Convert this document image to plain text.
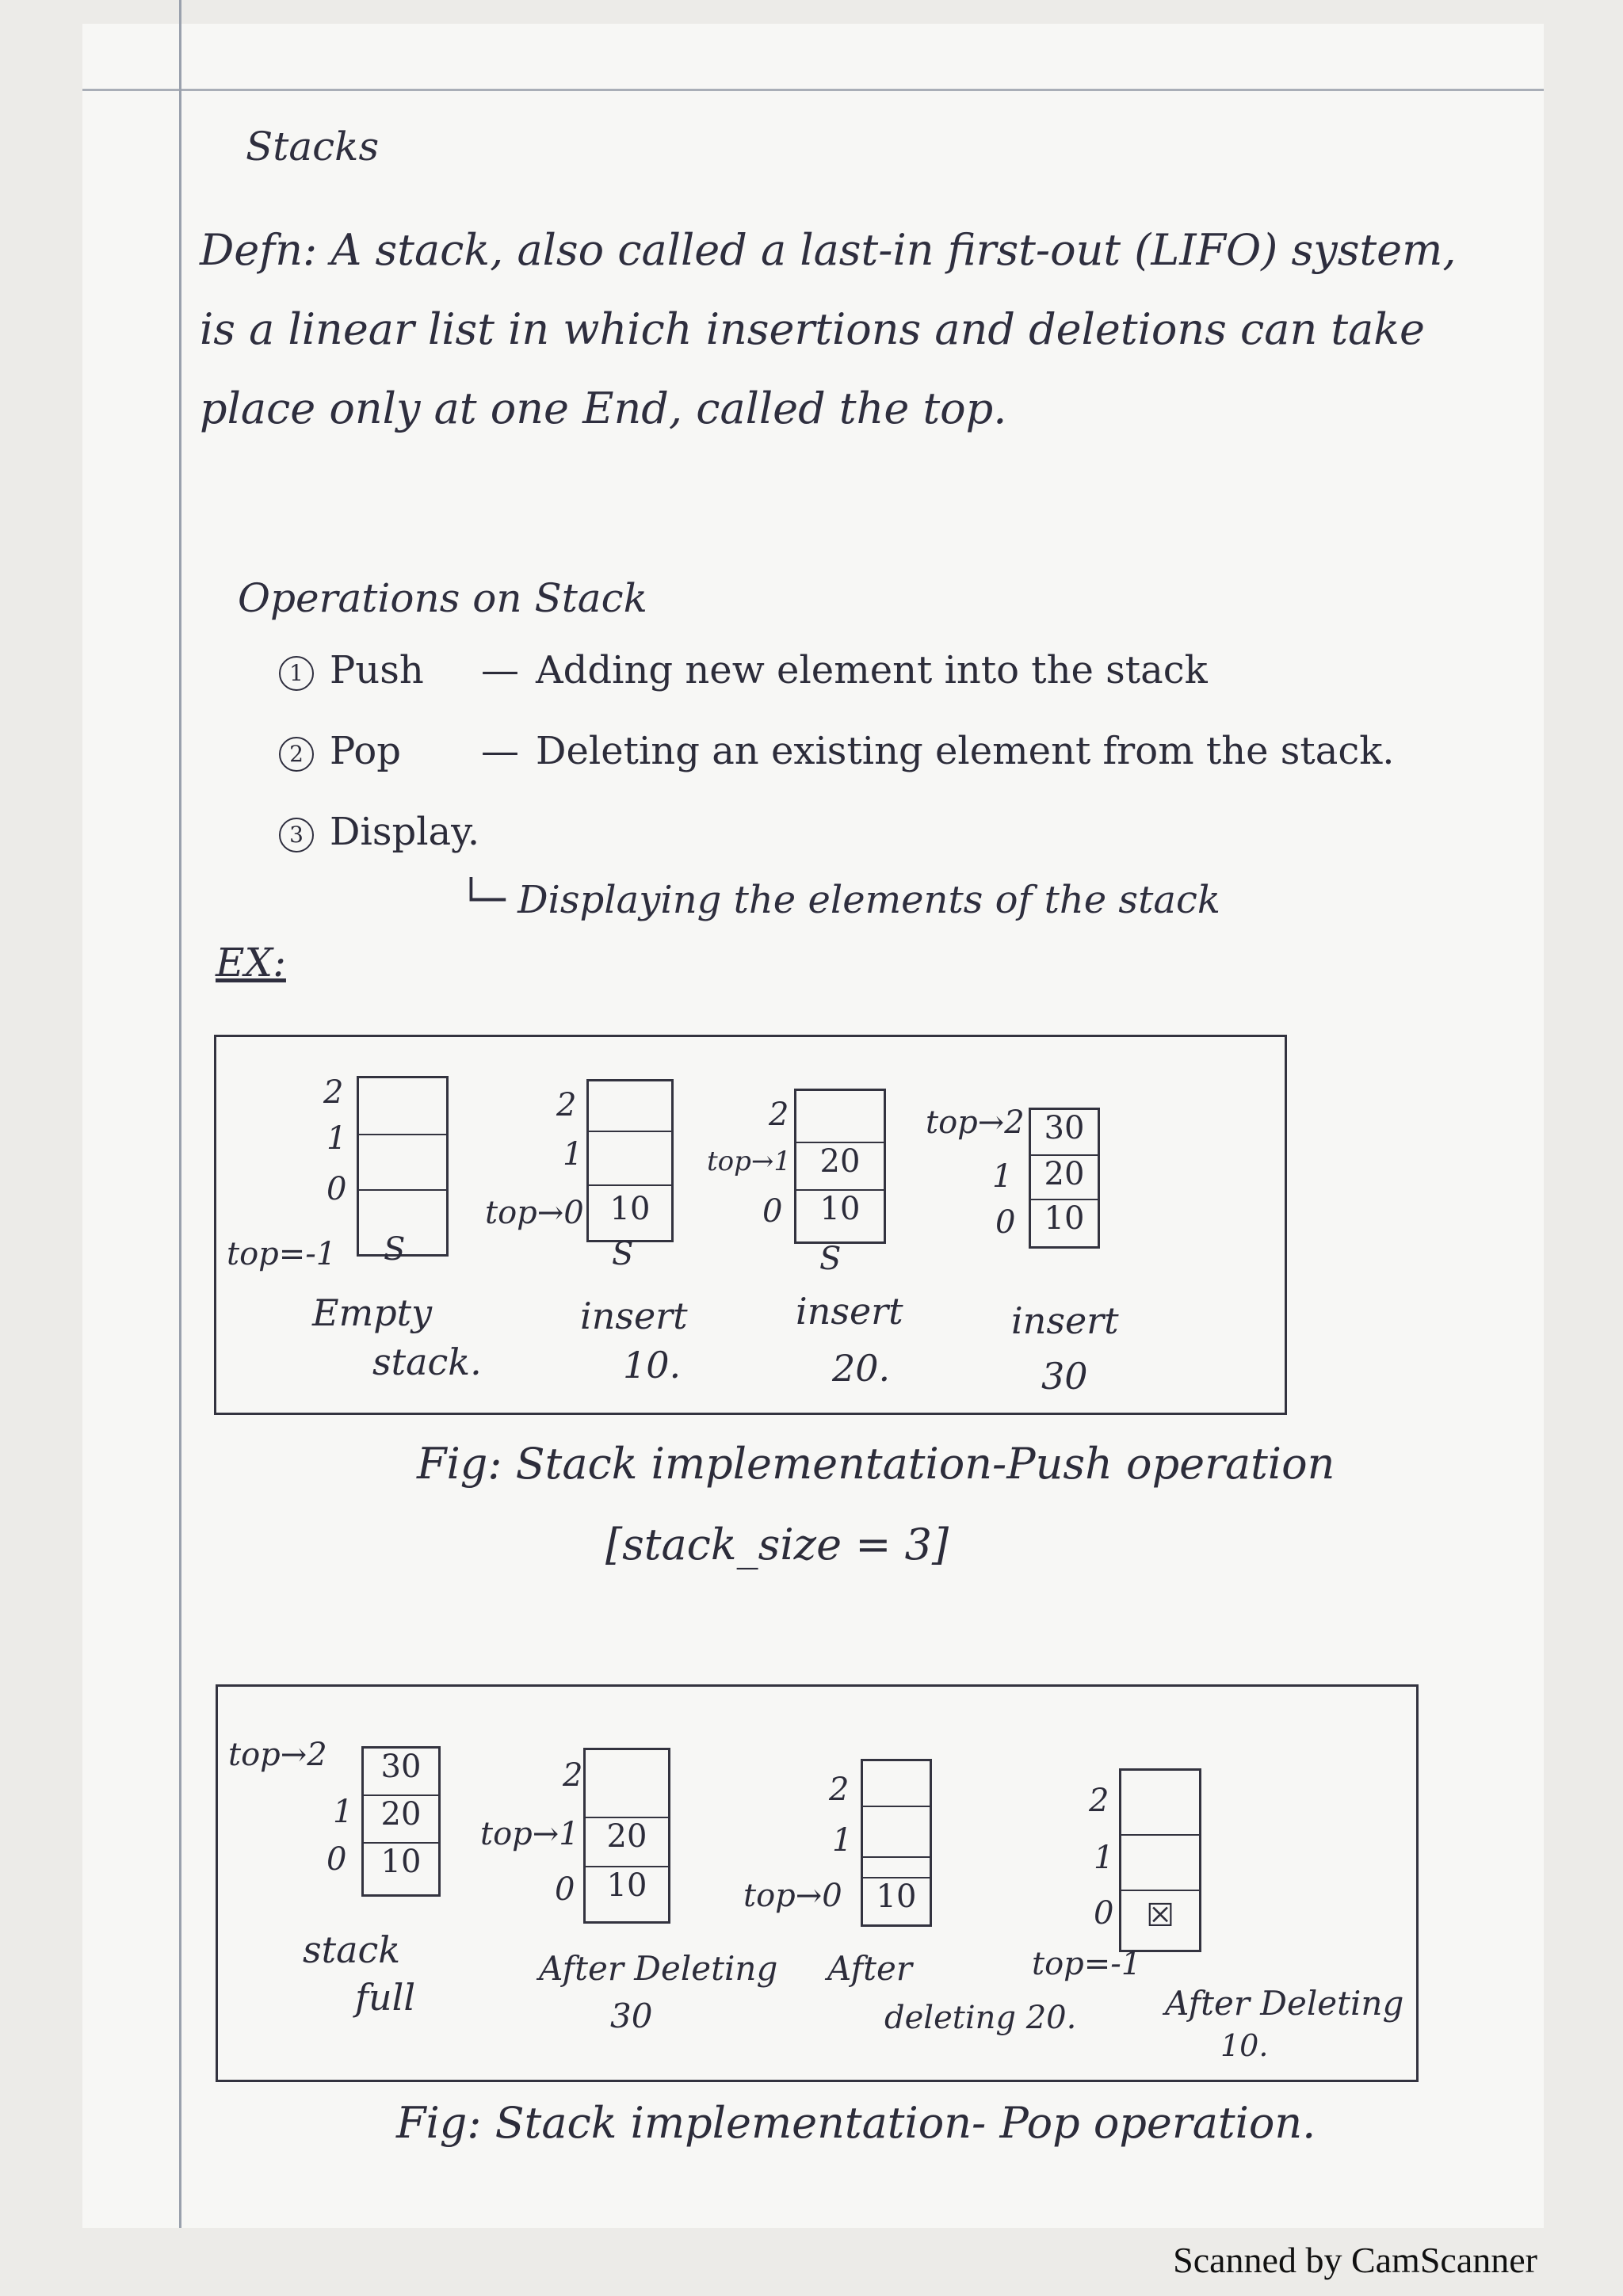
Stacks
Defn: A stack, also called a last-in first-out (LIFO) system, is a linear list in which insertions and deletions can take place only at one End, called the top.
Operations on Stack
1 Push — Adding new element into the stack
2 Pop — Deleting an existing element from the stack.
3 Display.
└─ Displaying the elements of the stack
EX:
2
1
0
top=-1 S
Empty
stack.
10
2
1
top→0
S
insert
10.
20
10
2
top→1
0
S
insert
20.
30
20
10
top→2
1
0
insert
30
Fig: Stack implementation-Push operation
[stack_size = 3]
30
20
10
top→2
1
0
stack
full
20
10
2
top→1
0
After Deleting
30
10
2
1
top→0
After
deleting 20.
☒
2
1
0
top=-1
After Deleting
10.
Fig: Stack implementation- Pop operation.
Scanned by CamScanner
